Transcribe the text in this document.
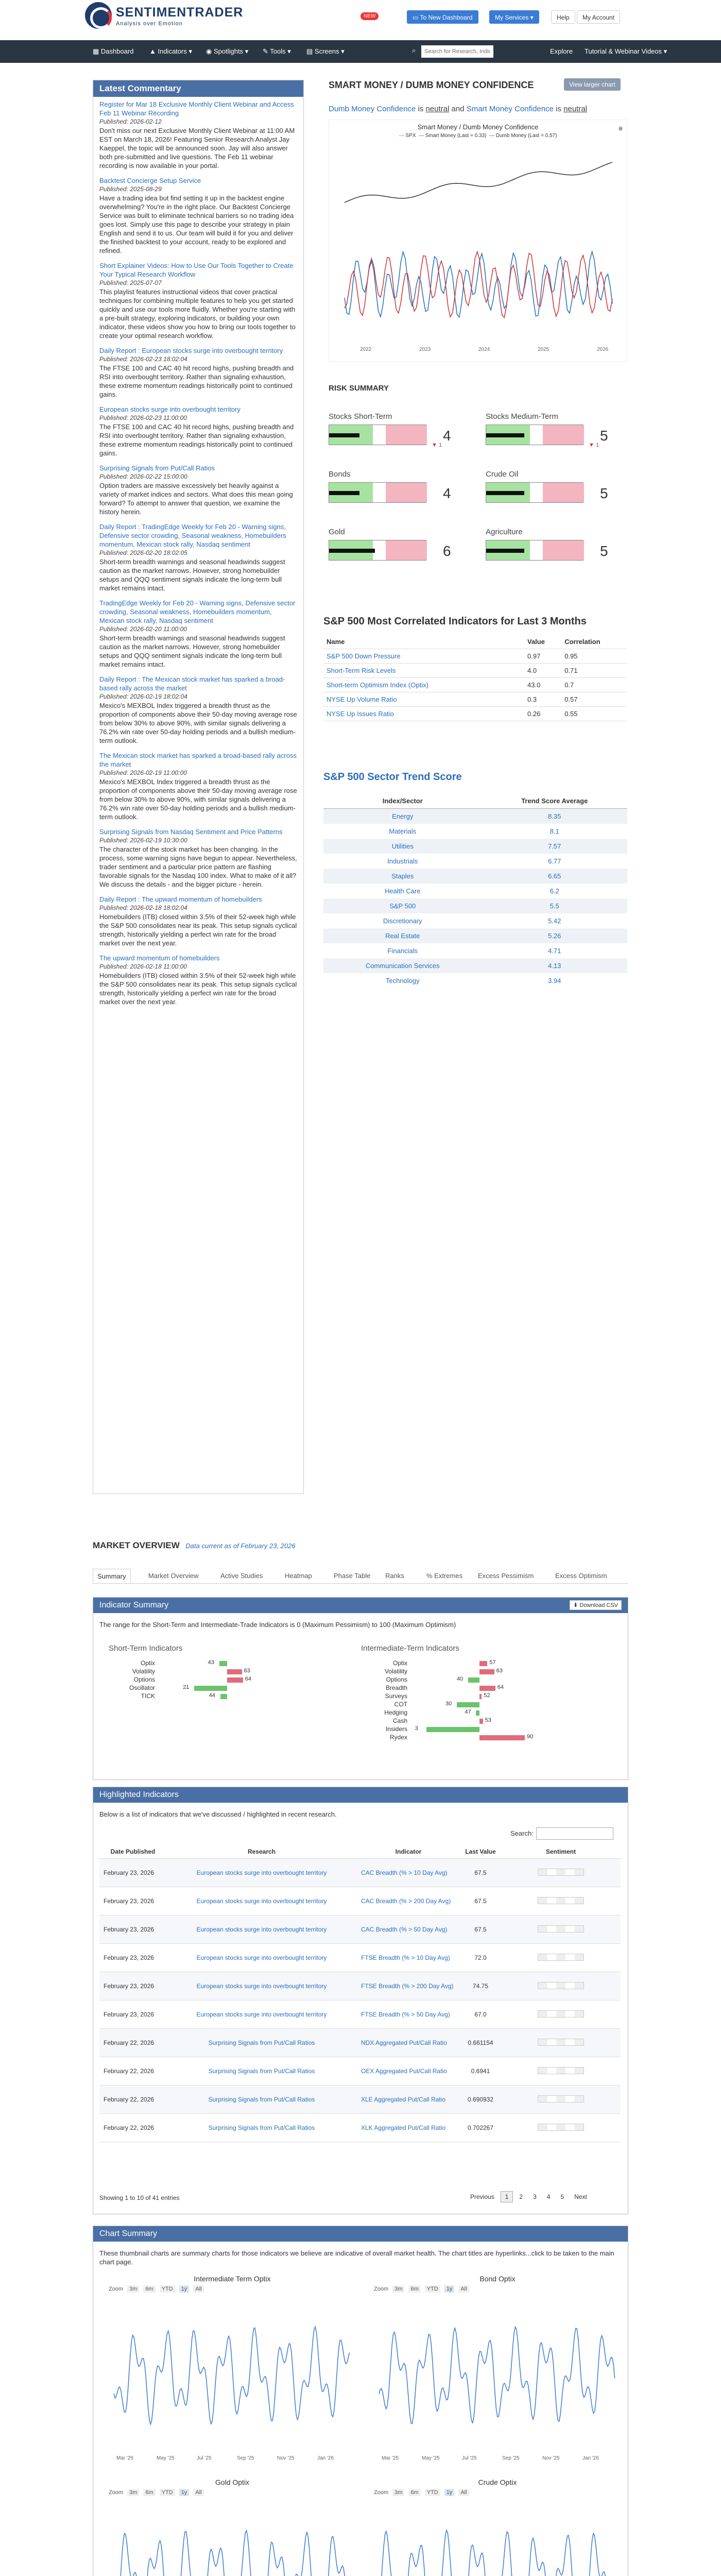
SENTIMENTRADER
Analysis over Emotion
NEW	▭ To New Dashboard	My Services ▾	Help	My Account
▦ Dashboard ▲ Indicators ▾ ◉ Spotlights ▾ ✎ Tools ▾ ▤ Screens ▾	⌕
Search for Research, Indicator or Ticker	Explore Tutorial & Webinar Videos ▾
Latest Commentary
Register for Mar 18 Exclusive Monthly Client Webinar and Access Feb 11 Webinar Recording
Published: 2026-02-12
Don't miss our next Exclusive Monthly Client Webinar at 11:00 AM EST on March 18, 2026! Featuring Senior Research Analyst Jay Kaeppel, the topic will be announced soon. Jay will also answer both pre-submitted and live questions. The Feb 11 webinar recording is now available in your portal.
Backtest Concierge Setup Service
Published: 2025-08-29
Have a trading idea but find setting it up in the backtest engine overwhelming? You're in the right place. Our Backtest Concierge Service was built to eliminate technical barriers so no trading idea goes lost. Simply use this page to describe your strategy in plain English and send it to us. Our team will build it for you and deliver the finished backtest to your account, ready to be explored and refined.
Short Explainer Videos: How to Use Our Tools Together to Create Your Typical Research Workflow
Published: 2025-07-07
This playlist features instructional videos that cover practical techniques for combining multiple features to help you get started quickly and use our tools more fluidly. Whether you're starting with a pre-built strategy, exploring indicators, or building your own indicator, these videos show you how to bring our tools together to create your optimal research workflow.
Daily Report : European stocks surge into overbought territory
Published: 2026-02-23 18:02:04
The FTSE 100 and CAC 40 hit record highs, pushing breadth and RSI into overbought territory. Rather than signaling exhaustion, these extreme momentum readings historically point to continued gains.
European stocks surge into overbought territory
Published: 2026-02-23 11:00:00
The FTSE 100 and CAC 40 hit record highs, pushing breadth and RSI into overbought territory. Rather than signaling exhaustion, these extreme momentum readings historically point to continued gains.
Surprising Signals from Put/Call Ratios
Published: 2026-02-22 15:00:00
Option traders are massive excessively bet heavily against a variety of market indices and sectors. What does this mean going forward? To attempt to answer that question, we examine the history herein.
Daily Report : TradingEdge Weekly for Feb 20 - Warning signs, Defensive sector crowding, Seasonal weakness, Homebuilders momentum, Mexican stock rally, Nasdaq sentiment
Published: 2026-02-20 18:02:05
Short-term breadth warnings and seasonal headwinds suggest caution as the market narrows. However, strong homebuilder setups and QQQ sentiment signals indicate the long-term bull market remains intact.
TradingEdge Weekly for Feb 20 - Warning signs, Defensive sector crowding, Seasonal weakness, Homebuilders momentum, Mexican stock rally, Nasdaq sentiment
Published: 2026-02-20 11:00:00
Short-term breadth warnings and seasonal headwinds suggest caution as the market narrows. However, strong homebuilder setups and QQQ sentiment signals indicate the long-term bull market remains intact.
Daily Report : The Mexican stock market has sparked a broad-based rally across the market
Published: 2026-02-19 18:02:04
Mexico's MEXBOL Index triggered a breadth thrust as the proportion of components above their 50-day moving average rose from below 30% to above 90%, with similar signals delivering a 76.2% win rate over 50-day holding periods and a bullish medium-term outlook.
The Mexican stock market has sparked a broad-based rally across the market
Published: 2026-02-19 11:00:00
Mexico's MEXBOL Index triggered a breadth thrust as the proportion of components above their 50-day moving average rose from below 30% to above 90%, with similar signals delivering a 76.2% win rate over 50-day holding periods and a bullish medium-term outlook.
Surprising Signals from Nasdaq Sentiment and Price Patterns
Published: 2026-02-19 10:30:00
The character of the stock market has been changing. In the process, some warning signs have begun to appear. Nevertheless, trader sentiment and a particular price pattern are flashing favorable signals for the Nasdaq 100 index. What to make of it all? We discuss the details - and the bigger picture - herein.
Daily Report : The upward momentum of homebuilders
Published: 2026-02-18 18:02:04
Homebuilders (ITB) closed within 3.5% of their 52-week high while the S&P 500 consolidates near its peak. This setup signals cyclical strength, historically yielding a perfect win rate for the broad market over the next year.
The upward momentum of homebuilders
Published: 2026-02-18 11:00:00
Homebuilders (ITB) closed within 3.5% of their 52-week high while the S&P 500 consolidates near its peak. This setup signals cyclical strength, historically yielding a perfect win rate for the broad market over the next year.
SMART MONEY / DUMB MONEY CONFIDENCE	View larger chart
Dumb Money Confidence is neutral and Smart Money Confidence is neutral
Smart Money / Dumb Money Confidence
— SPX — Smart Money (Last = 0.33) — Dumb Money (Last = 0.57)
≡
2022	2023	2024	2025	2026
RISK SUMMARY
Stocks Short-Term
4
▼ 1
Stocks Medium-Term
5
▼ 1
Bonds
4
Crude Oil
5
Gold
6
Agriculture
5
S&P 500 Most Correlated Indicators for Last 3 Months
Name	Value	Correlation
S&P 500 Down Pressure	0.97	0.95
Short-Term Risk Levels	4.0	0.71
Short-term Optimism Index (Optix)	43.0	0.7
NYSE Up Volume Ratio	0.3	0.57
NYSE Up Issues Ratio	0.26	0.55
S&P 500 Sector Trend Score
Index/Sector	Trend Score Average
Energy	8.35
Materials	8.1
Utilities	7.57
Industrials	6.77
Staples	6.65
Health Care	6.2
S&P 500	5.5
Discretionary	5.42
Real Estate	5.26
Financials	4.71
Communication Services	4.13
Technology	3.94
MARKET OVERVIEW Data current as of February 23, 2026
Summary	Market Overview	Active Studies	Heatmap	Phase Table	Ranks	% Extremes	Excess Pessimism	Excess Optimism
Indicator Summary	⬇ Download CSV
The range for the Short-Term and Intermediate-Trade Indicators is 0 (Maximum Pessimism) to 100 (Maximum Optimism)
Short-Term Indicators	Intermediate-Term Indicators
Optix	43
Volatility	63
Options	64
Oscillator	21
TICK	44
Optix	57
Volatility	63
Options	40
Breadth	64
Surveys	52
COT	30
Hedging	47
Cash	53
Insiders 3
Rydex	90
Highlighted Indicators
Below is a list of indicators that we've discussed / highlighted in recent research.
Search:
Date Published	Research	Indicator	Last Value	Sentiment
February 23, 2026	European stocks surge into overbought territory	CAC Breadth (% > 10 Day Avg)	67.5	
February 23, 2026	European stocks surge into overbought territory	CAC Breadth (% > 200 Day Avg)	67.5	
February 23, 2026	European stocks surge into overbought territory	CAC Breadth (% > 50 Day Avg)	67.5	
February 23, 2026	European stocks surge into overbought territory	FTSE Breadth (% > 10 Day Avg)	72.0	
February 23, 2026	European stocks surge into overbought territory	FTSE Breadth (% > 200 Day Avg)	74.75	
February 23, 2026	European stocks surge into overbought territory	FTSE Breadth (% > 50 Day Avg)	67.0	
February 22, 2026	Surprising Signals from Put/Call Ratios	NDX Aggregated Put/Call Ratio	0.661154	
February 22, 2026	Surprising Signals from Put/Call Ratios	OEX Aggregated Put/Call Ratio	0.6941	
February 22, 2026	Surprising Signals from Put/Call Ratios	XLE Aggregated Put/Call Ratio	0.690932	
February 22, 2026	Surprising Signals from Put/Call Ratios	XLK Aggregated Put/Call Ratio	0.702267	
Showing 1 to 10 of 41 entries	Previous 1 2 3 4 5 Next
Chart Summary
These thumbnail charts are summary charts for those indicators we believe are indicative of overall market health. The chart titles are hyperlinks...click to be taken to the main chart page.
Intermediate Term Optix
Zoom 3m 6m YTD 1y All
Mar '25	May '25	Jul '25	Sep '25	Nov '25	Jan '26
Bond Optix
Zoom 3m 6m YTD 1y All
Mar '25	May '25	Jul '25	Sep '25	Nov '25	Jan '26
Gold Optix
Zoom 3m 6m YTD 1y All
Crude Optix
Zoom 3m 6m YTD 1y All
